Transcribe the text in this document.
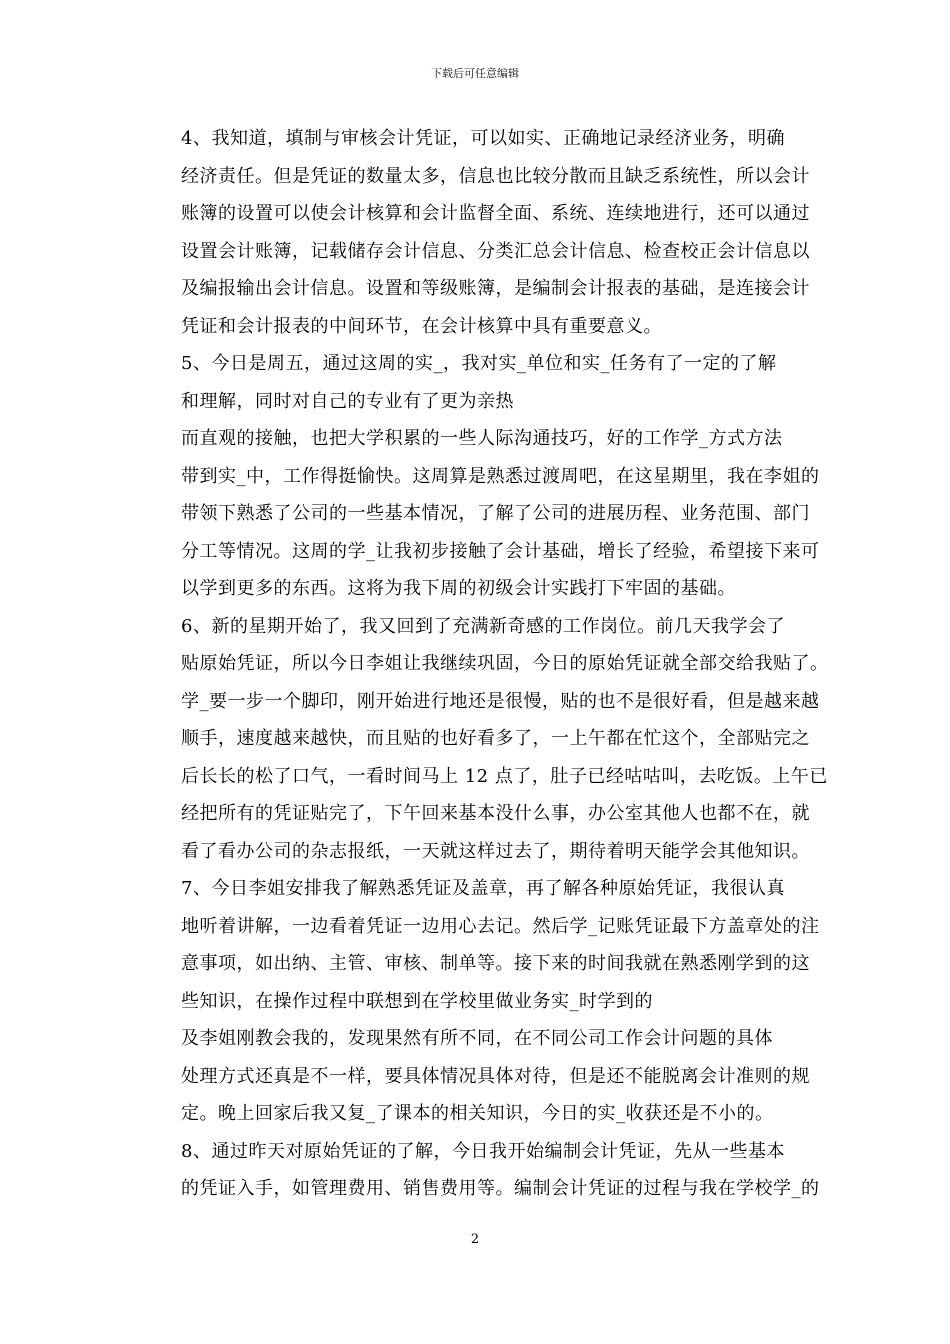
下载后可任意编辑
4、我知道，填制与审核会计凭证，可以如实、正确地记录经济业务，明确
经济责任。但是凭证的数量太多，信息也比较分散而且缺乏系统性，所以会计
账簿的设置可以使会计核算和会计监督全面、系统、连续地进行，还可以通过
设置会计账簿，记载储存会计信息、分类汇总会计信息、检查校正会计信息以
及编报输出会计信息。设置和等级账簿，是编制会计报表的基础，是连接会计
凭证和会计报表的中间环节，在会计核算中具有重要意义。
5、今日是周五，通过这周的实_，我对实_单位和实_任务有了一定的了解
和理解，同时对自己的专业有了更为亲热
而直观的接触，也把大学积累的一些人际沟通技巧，好的工作学_方式方法
带到实_中，工作得挺愉快。这周算是熟悉过渡周吧，在这星期里，我在李姐的
带领下熟悉了公司的一些基本情况，了解了公司的进展历程、业务范围、部门
分工等情况。这周的学_让我初步接触了会计基础，增长了经验，希望接下来可
以学到更多的东西。这将为我下周的初级会计实践打下牢固的基础。
6、新的星期开始了，我又回到了充满新奇感的工作岗位。前几天我学会了
贴原始凭证，所以今日李姐让我继续巩固，今日的原始凭证就全部交给我贴了。
学_要一步一个脚印，刚开始进行地还是很慢，贴的也不是很好看，但是越来越
顺手，速度越来越快，而且贴的也好看多了，一上午都在忙这个，全部贴完之
后长长的松了口气，一看时间马上 12 点了，肚子已经咕咕叫，去吃饭。上午已
经把所有的凭证贴完了，下午回来基本没什么事，办公室其他人也都不在，就
看了看办公司的杂志报纸，一天就这样过去了，期待着明天能学会其他知识。
7、今日李姐安排我了解熟悉凭证及盖章，再了解各种原始凭证，我很认真
地听着讲解，一边看着凭证一边用心去记。然后学_记账凭证最下方盖章处的注
意事项，如出纳、主管、审核、制单等。接下来的时间我就在熟悉刚学到的这
些知识，在操作过程中联想到在学校里做业务实_时学到的
及李姐刚教会我的，发现果然有所不同，在不同公司工作会计问题的具体
处理方式还真是不一样，要具体情况具体对待，但是还不能脱离会计准则的规
定。晚上回家后我又复_了课本的相关知识，今日的实_收获还是不小的。
8、通过昨天对原始凭证的了解，今日我开始编制会计凭证，先从一些基本
的凭证入手，如管理费用、销售费用等。编制会计凭证的过程与我在学校学_的
2
